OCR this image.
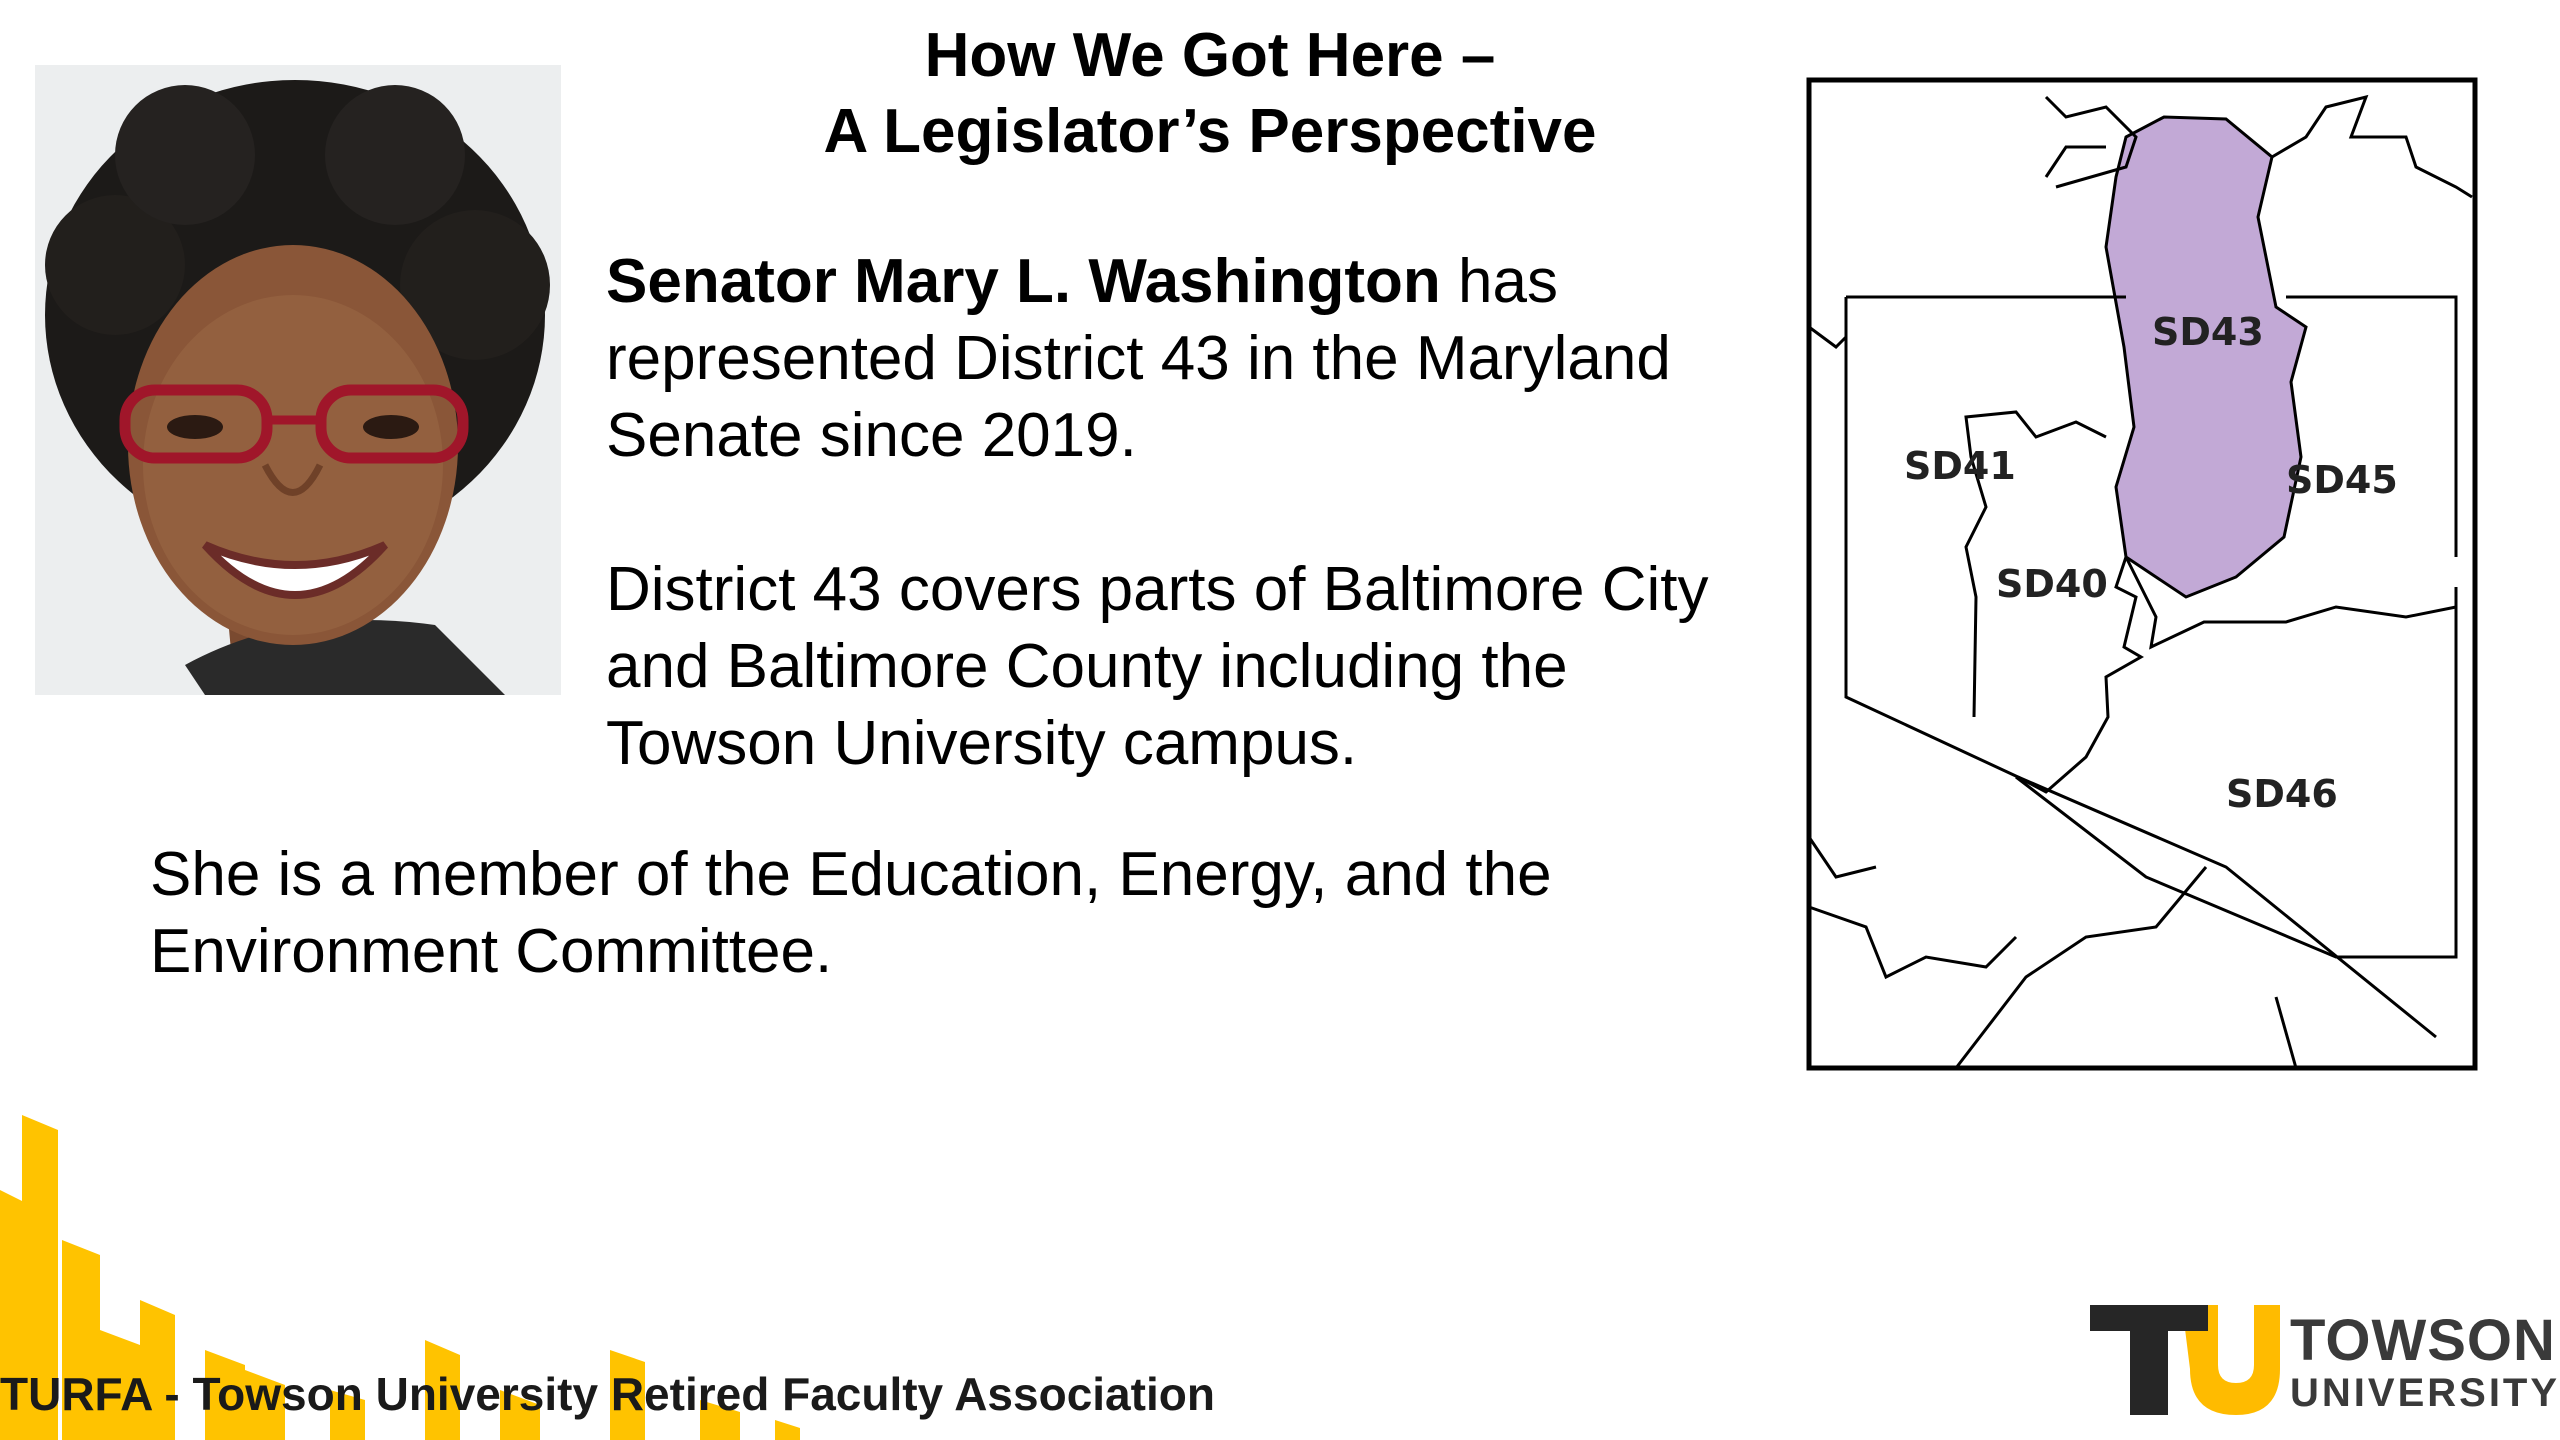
How We Got Here –
A Legislator’s Perspective

Senator Mary L. Washington has represented District 43 in the Maryland Senate since 2019.

District 43 covers parts of Baltimore City and Baltimore County including the Towson University campus.

She is a member of the Education, Energy, and the Environment Committee.
SD43
SD41	SD45
SD40
SD46
TURFA - Towson University Retired Faculty Association
TOWSON
UNIVERSITY
